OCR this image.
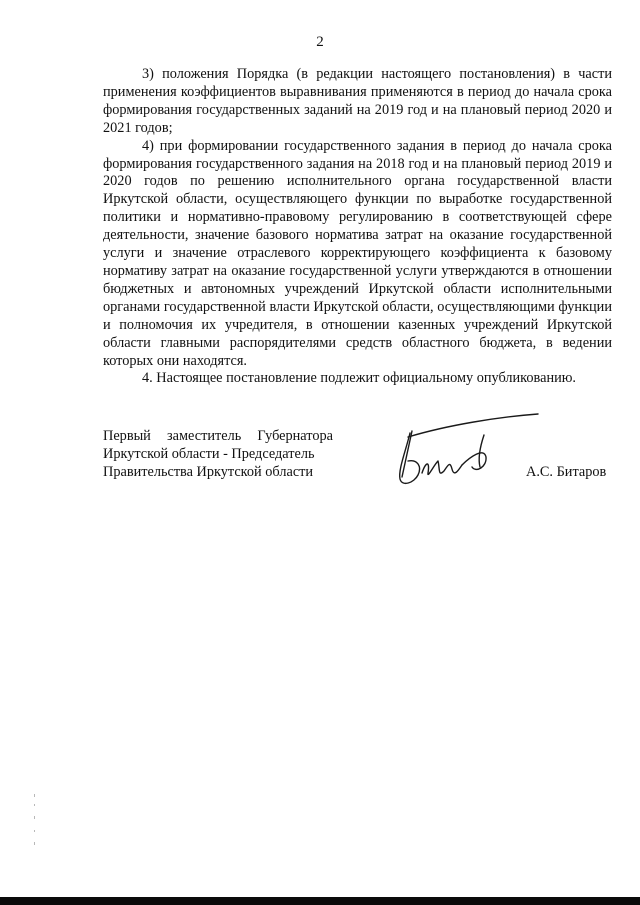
2

3) положения Порядка (в редакции настоящего постановления) в части применения коэффициентов выравнивания применяются в период до начала срока формирования государственных заданий на 2019 год и на плановый период 2020 и 2021 годов;

4) при формировании государственного задания в период до начала срока формирования государственного задания на 2018 год и на плановый период 2019 и 2020 годов по решению исполнительного органа государственной власти Иркутской области, осуществляющего функции по выработке государственной политики и нормативно-правовому регулированию в соответствующей сфере деятельности, значение базового норматива затрат на оказание государственной услуги и значение отраслевого корректирующего коэффициента к базовому нормативу затрат на оказание государственной услуги утверждаются в отношении бюджетных и автономных учреждений Иркутской области исполнительными органами государственной власти Иркутской области, осуществляющими функции и полномочия их учредителя, в отношении казенных учреждений Иркутской области главными распорядителями средств областного бюджета, в ведении которых они находятся.

4. Настоящее постановление подлежит официальному опубликованию.

Первый заместитель Губернатора
Иркутской области - Председатель
Правительства Иркутской области	А.С. Битаров
